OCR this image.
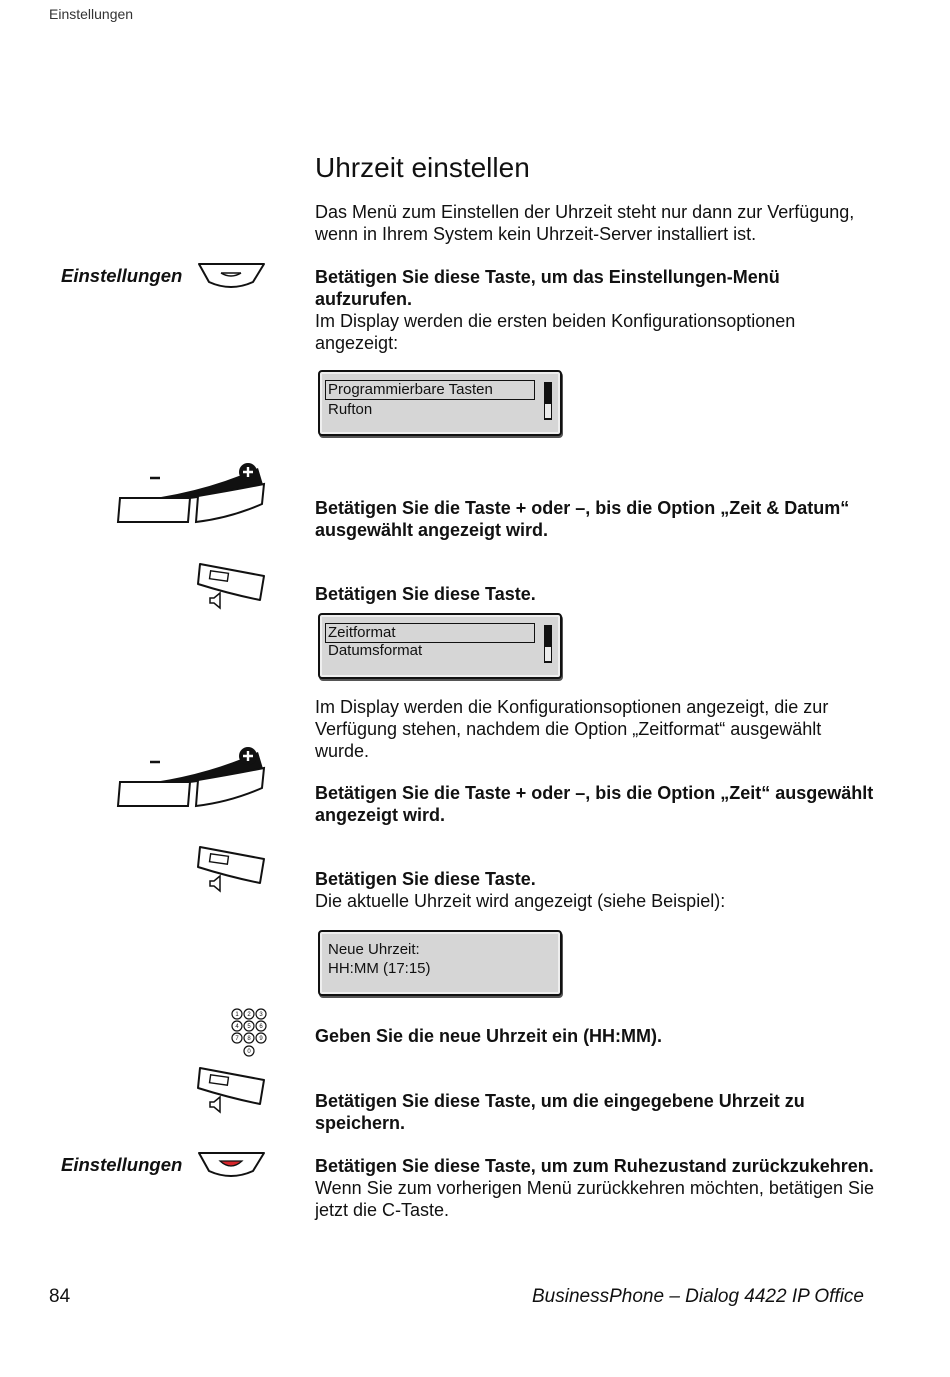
Einstellungen
Uhrzeit einstellen
Das Menü zum Einstellen der Uhrzeit steht nur dann zur Verfügung, wenn in Ihrem System kein Uhrzeit-Server installiert ist.
Einstellungen	Betätigen Sie diese Taste, um das Einstellungen-Menü aufzurufen.
Im Display werden die ersten beiden Konfigurationsoptionen angezeigt:
Programmierbare Tasten
Rufton
Betätigen Sie die Taste + oder –, bis die Option „Zeit & Datum“ ausgewählt angezeigt wird.
Betätigen Sie diese Taste.
Zeitformat
Datumsformat
Im Display werden die Konfigurationsoptionen angezeigt, die zur Verfügung stehen, nachdem die Option „Zeitformat“ ausgewählt wurde.
Betätigen Sie die Taste + oder –, bis die Option „Zeit“ ausgewählt angezeigt wird.
Betätigen Sie diese Taste.
Die aktuelle Uhrzeit wird angezeigt (siehe Beispiel):
Neue Uhrzeit:
HH:MM (17:15)
1 2 3
4 5 6
7 8 9
0
Geben Sie die neue Uhrzeit ein (HH:MM).
Betätigen Sie diese Taste, um die eingegebene Uhrzeit zu speichern.
Einstellungen	Betätigen Sie diese Taste, um zum Ruhezustand zurückzukehren.
Wenn Sie zum vorherigen Menü zurückkehren möchten, betätigen Sie jetzt die C-Taste.
84	BusinessPhone – Dialog 4422 IP Office
